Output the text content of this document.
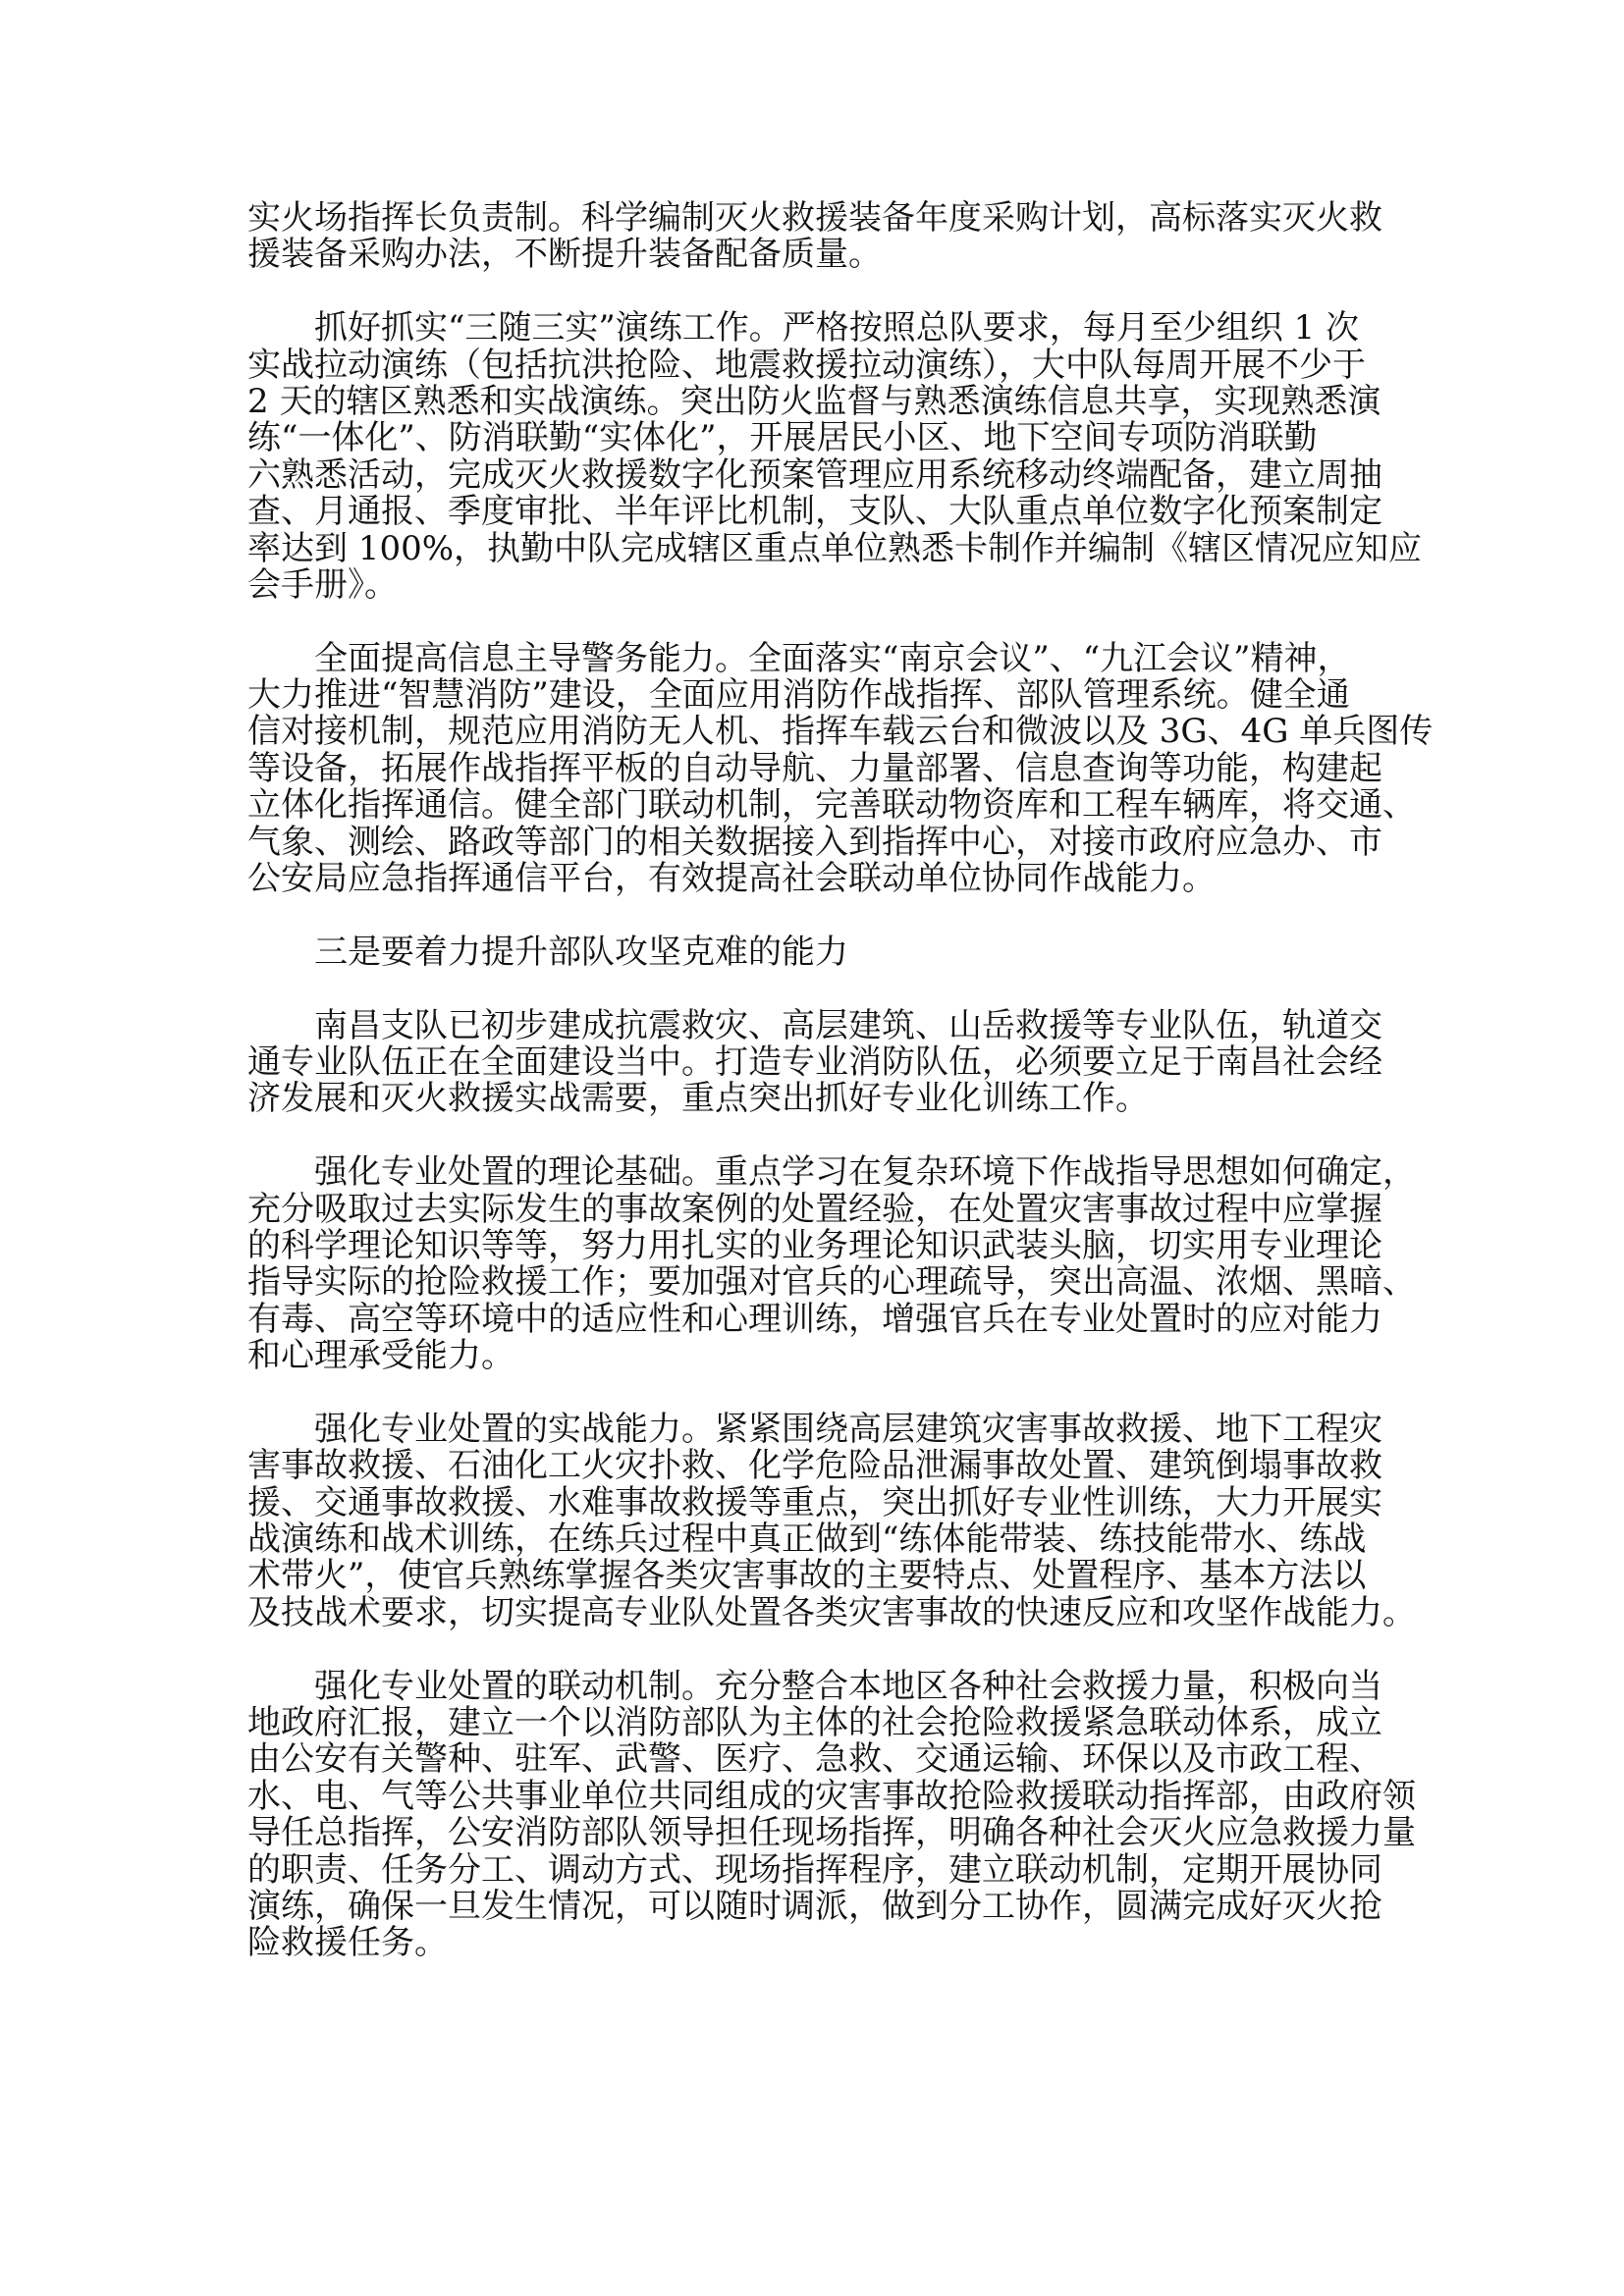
实火场指挥长负责制。科学编制灭火救援装备年度采购计划，高标落实灭火救
援装备采购办法，不断提升装备配备质量。
抓好抓实“三随三实”演练工作。严格按照总队要求，每月至少组织 1 次
实战拉动演练（包括抗洪抢险、地震救援拉动演练），大中队每周开展不少于
2 天的辖区熟悉和实战演练。突出防火监督与熟悉演练信息共享，实现熟悉演
练“一体化”、防消联勤“实体化”，开展居民小区、地下空间专项防消联勤
六熟悉活动，完成灭火救援数字化预案管理应用系统移动终端配备，建立周抽
查、月通报、季度审批、半年评比机制，支队、大队重点单位数字化预案制定
率达到 100%，执勤中队完成辖区重点单位熟悉卡制作并编制《辖区情况应知应
会手册》。
全面提高信息主导警务能力。全面落实“南京会议”、“九江会议”精神，
大力推进“智慧消防”建设，全面应用消防作战指挥、部队管理系统。健全通
信对接机制，规范应用消防无人机、指挥车载云台和微波以及 3G、4G 单兵图传
等设备，拓展作战指挥平板的自动导航、力量部署、信息查询等功能，构建起
立体化指挥通信。健全部门联动机制，完善联动物资库和工程车辆库，将交通、
气象、测绘、路政等部门的相关数据接入到指挥中心，对接市政府应急办、市
公安局应急指挥通信平台，有效提高社会联动单位协同作战能力。
三是要着力提升部队攻坚克难的能力
南昌支队已初步建成抗震救灾、高层建筑、山岳救援等专业队伍，轨道交
通专业队伍正在全面建设当中。打造专业消防队伍，必须要立足于南昌社会经
济发展和灭火救援实战需要，重点突出抓好专业化训练工作。
强化专业处置的理论基础。重点学习在复杂环境下作战指导思想如何确定，
充分吸取过去实际发生的事故案例的处置经验，在处置灾害事故过程中应掌握
的科学理论知识等等，努力用扎实的业务理论知识武装头脑，切实用专业理论
指导实际的抢险救援工作；要加强对官兵的心理疏导，突出高温、浓烟、黑暗、
有毒、高空等环境中的适应性和心理训练，增强官兵在专业处置时的应对能力
和心理承受能力。
强化专业处置的实战能力。紧紧围绕高层建筑灾害事故救援、地下工程灾
害事故救援、石油化工火灾扑救、化学危险品泄漏事故处置、建筑倒塌事故救
援、交通事故救援、水难事故救援等重点，突出抓好专业性训练，大力开展实
战演练和战术训练，在练兵过程中真正做到“练体能带装、练技能带水、练战
术带火”，使官兵熟练掌握各类灾害事故的主要特点、处置程序、基本方法以
及技战术要求，切实提高专业队处置各类灾害事故的快速反应和攻坚作战能力。
强化专业处置的联动机制。充分整合本地区各种社会救援力量，积极向当
地政府汇报，建立一个以消防部队为主体的社会抢险救援紧急联动体系，成立
由公安有关警种、驻军、武警、医疗、急救、交通运输、环保以及市政工程、
水、电、气等公共事业单位共同组成的灾害事故抢险救援联动指挥部，由政府领
导任总指挥，公安消防部队领导担任现场指挥，明确各种社会灭火应急救援力量
的职责、任务分工、调动方式、现场指挥程序，建立联动机制，定期开展协同
演练，确保一旦发生情况，可以随时调派，做到分工协作，圆满完成好灭火抢
险救援任务。
